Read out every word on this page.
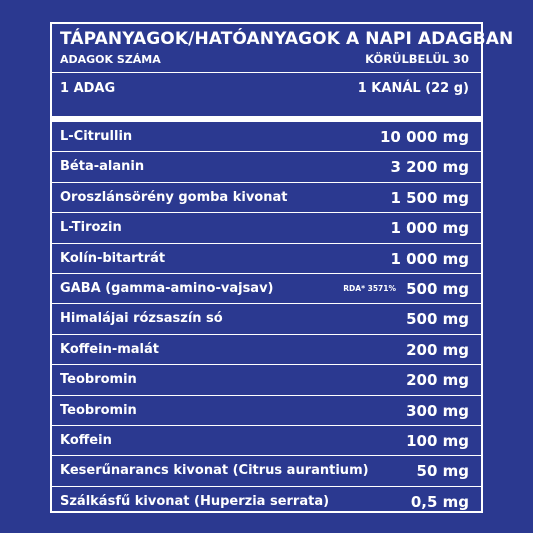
TÁPANYAGOK/HATÓANYAGOK A NAPI ADAGBAN
ADAGOK SZÁMA	KÖRÜLBELÜL 30
1 ADAG	1 KANÁL (22 g)
L-Citrullin	10 000 mg
Béta-alanin	3 200 mg
Oroszlánsörény gomba kivonat	1 500 mg
L-Tirozin	1 000 mg
Kolín-bitartrát	1 000 mg
GABA (gamma-amino-vajsav)	RDA* 3571% 500 mg
Himalájai rózsaszín só	500 mg
Koffein-malát	200 mg
Teobromin	200 mg
Teobromin	300 mg
Koffein	100 mg
Keserűnarancs kivonat (Citrus aurantium)	50 mg
Szálkásfű kivonat (Huperzia serrata)	0,5 mg
